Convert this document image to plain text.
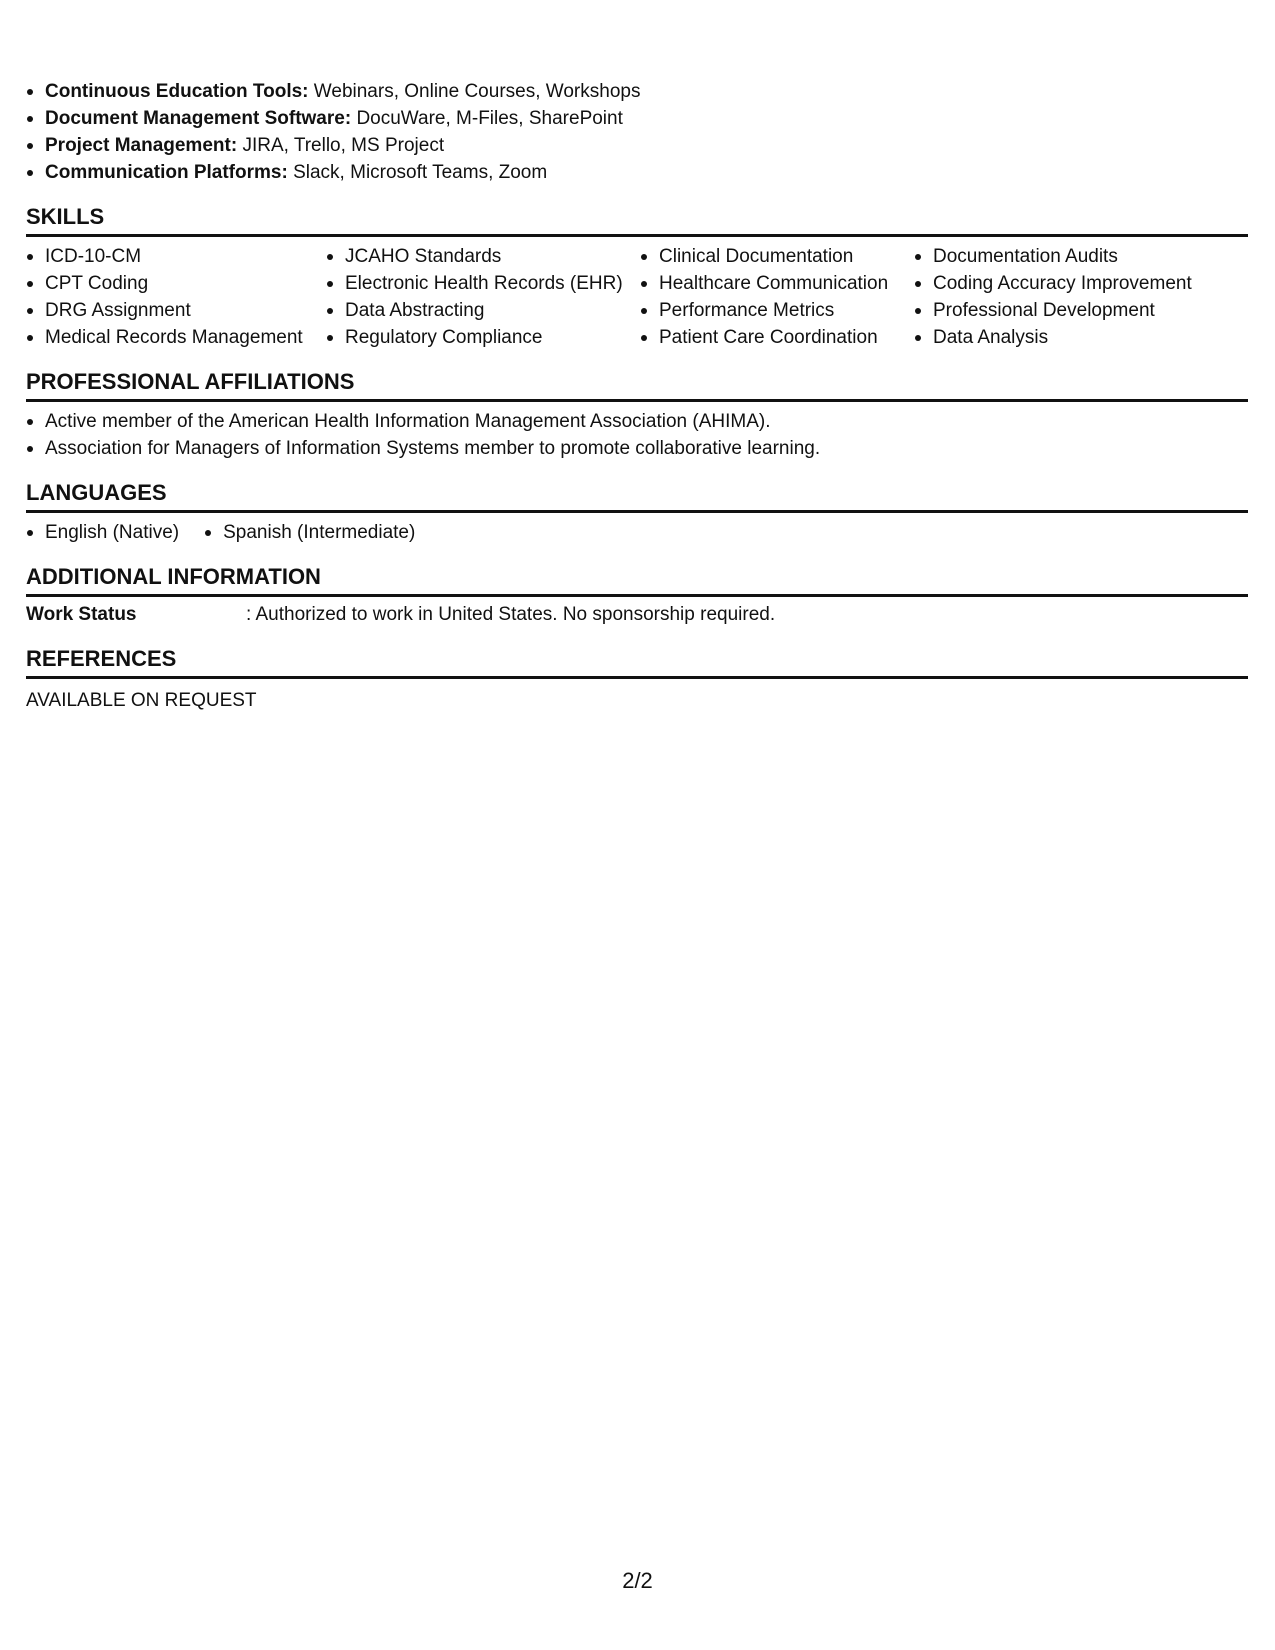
Continuous Education Tools: Webinars, Online Courses, Workshops
Document Management Software: DocuWare, M-Files, SharePoint
Project Management: JIRA, Trello, MS Project
Communication Platforms: Slack, Microsoft Teams, Zoom
SKILLS
ICD-10-CM
CPT Coding
DRG Assignment
Medical Records Management
JCAHO Standards
Electronic Health Records (EHR)
Data Abstracting
Regulatory Compliance
Clinical Documentation
Healthcare Communication
Performance Metrics
Patient Care Coordination
Documentation Audits
Coding Accuracy Improvement
Professional Development
Data Analysis
PROFESSIONAL AFFILIATIONS
Active member of the American Health Information Management Association (AHIMA).
Association for Managers of Information Systems member to promote collaborative learning.
LANGUAGES
English (Native)	Spanish (Intermediate)
ADDITIONAL INFORMATION
Work Status	: Authorized to work in United States. No sponsorship required.
REFERENCES
AVAILABLE ON REQUEST
2/2
